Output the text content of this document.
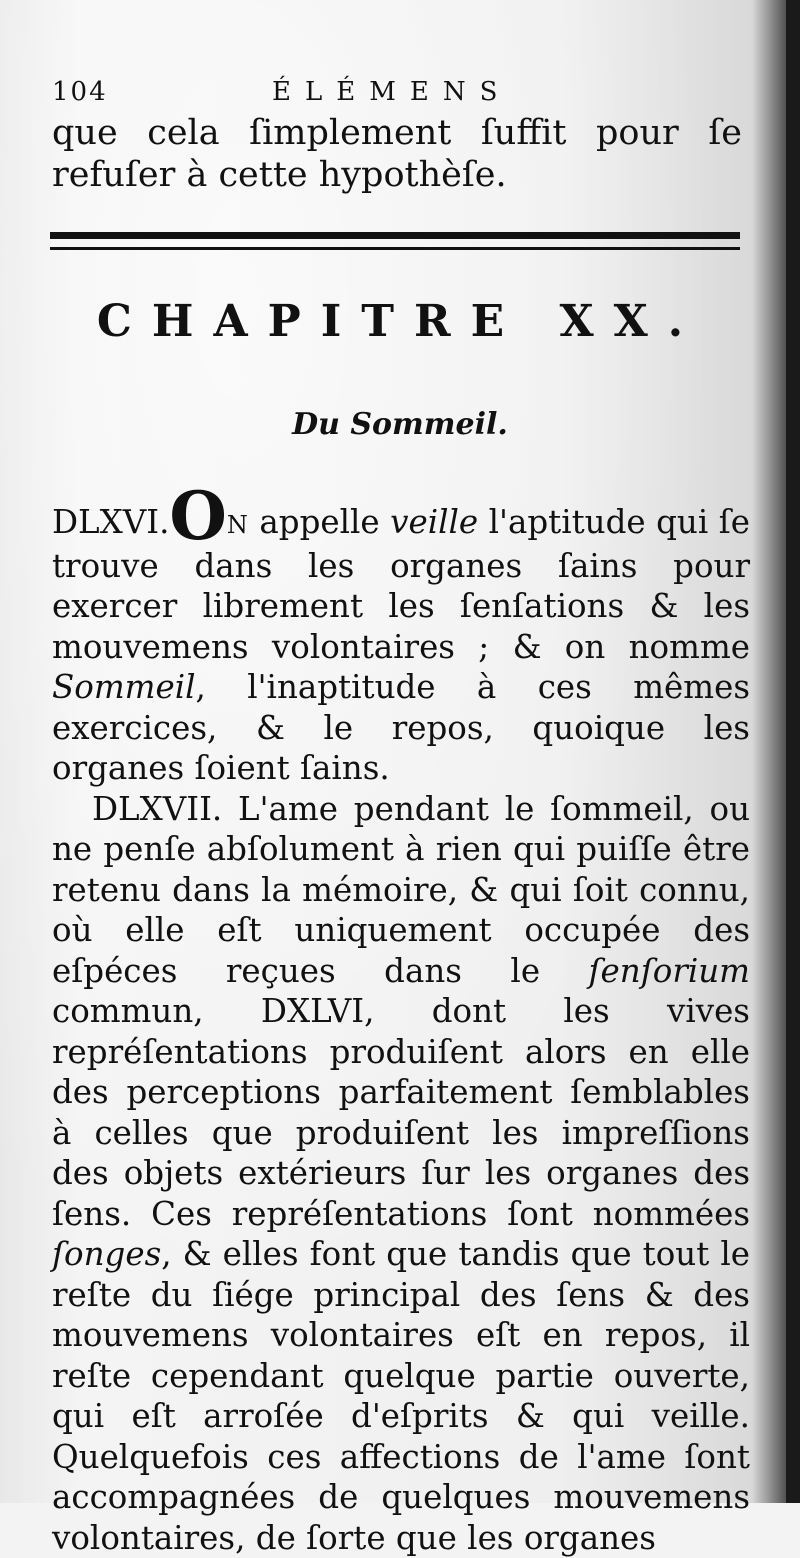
104	ÉLÉMENS

que cela ſimplement ſuffit pour ſe refuſer à cette hypothèſe.

CHAPITRE XX.
Du Sommeil.

DLXVI.ON appelle veille l'aptitude qui ſe trouve dans les organes ſains pour exercer librement les ſenſations & les mouvemens volontaires ; & on nomme Sommeil, l'inaptitude à ces mêmes exercices, & le repos, quoique les organes ſoient ſains.

DLXVII. L'ame pendant le ſommeil, ou ne penſe abſolument à rien qui puiſſe être retenu dans la mémoire, & qui ſoit connu, où elle eſt uniquement occupée des eſpéces reçues dans le ſenſorium commun, DXLVI, dont les vives repréſentations produiſent alors en elle des perceptions parfaitement ſemblables à celles que produiſent les impreſſions des objets extérieurs ſur les organes des ſens. Ces repréſentations ſont nommées ſonges, & elles font que tandis que tout le reſte du ſiége principal des ſens & des mouvemens volontaires eſt en repos, il reſte cependant quelque partie ouverte, qui eſt arroſée d'eſprits & qui veille. Quelquefois ces affections de l'ame ſont accompagnées de quelques mouvemens volontaires, de ſorte que les organes
